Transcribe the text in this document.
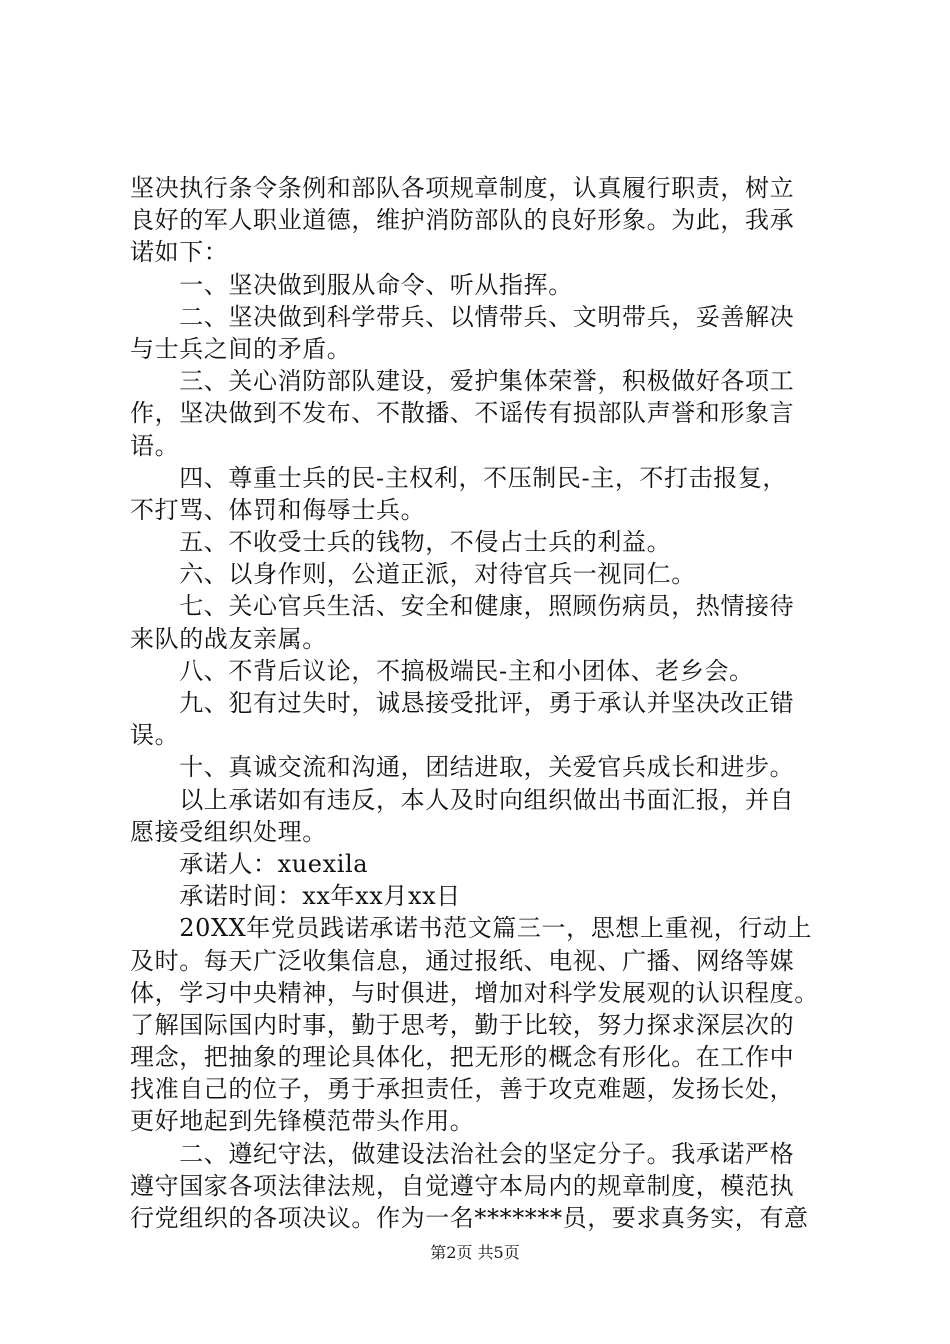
坚决执行条令条例和部队各项规章制度，认真履行职责，树立
良好的军人职业道德，维护消防部队的良好形象。为此，我承
诺如下：
　　一、坚决做到服从命令、听从指挥。
　　二、坚决做到科学带兵、以情带兵、文明带兵，妥善解决
与士兵之间的矛盾。
　　三、关心消防部队建设，爱护集体荣誉，积极做好各项工
作，坚决做到不发布、不散播、不谣传有损部队声誉和形象言
语。
　　四、尊重士兵的民-主权利，不压制民-主，不打击报复，
不打骂、体罚和侮辱士兵。
　　五、不收受士兵的钱物，不侵占士兵的利益。
　　六、以身作则，公道正派，对待官兵一视同仁。
　　七、关心官兵生活、安全和健康，照顾伤病员，热情接待
来队的战友亲属。
　　八、不背后议论，不搞极端民-主和小团体、老乡会。
　　九、犯有过失时，诚恳接受批评，勇于承认并坚决改正错
误。
　　十、真诚交流和沟通，团结进取，关爱官兵成长和进步。
　　以上承诺如有违反，本人及时向组织做出书面汇报，并自
愿接受组织处理。
　　承诺人：xuexila
　　承诺时间：xx年xx月xx日
　　20XX年党员践诺承诺书范文篇三一，思想上重视，行动上
及时。每天广泛收集信息，通过报纸、电视、广播、网络等媒
体，学习中央精神，与时俱进，增加对科学发展观的认识程度。
了解国际国内时事，勤于思考，勤于比较，努力探求深层次的
理念，把抽象的理论具体化，把无形的概念有形化。在工作中
找准自己的位子，勇于承担责任，善于攻克难题，发扬长处，
更好地起到先锋模范带头作用。
　　二、遵纪守法，做建设法治社会的坚定分子。我承诺严格
遵守国家各项法律法规，自觉遵守本局内的规章制度，模范执
行党组织的各项决议。作为一名*******员，要求真务实，有意
第2页 共5页
